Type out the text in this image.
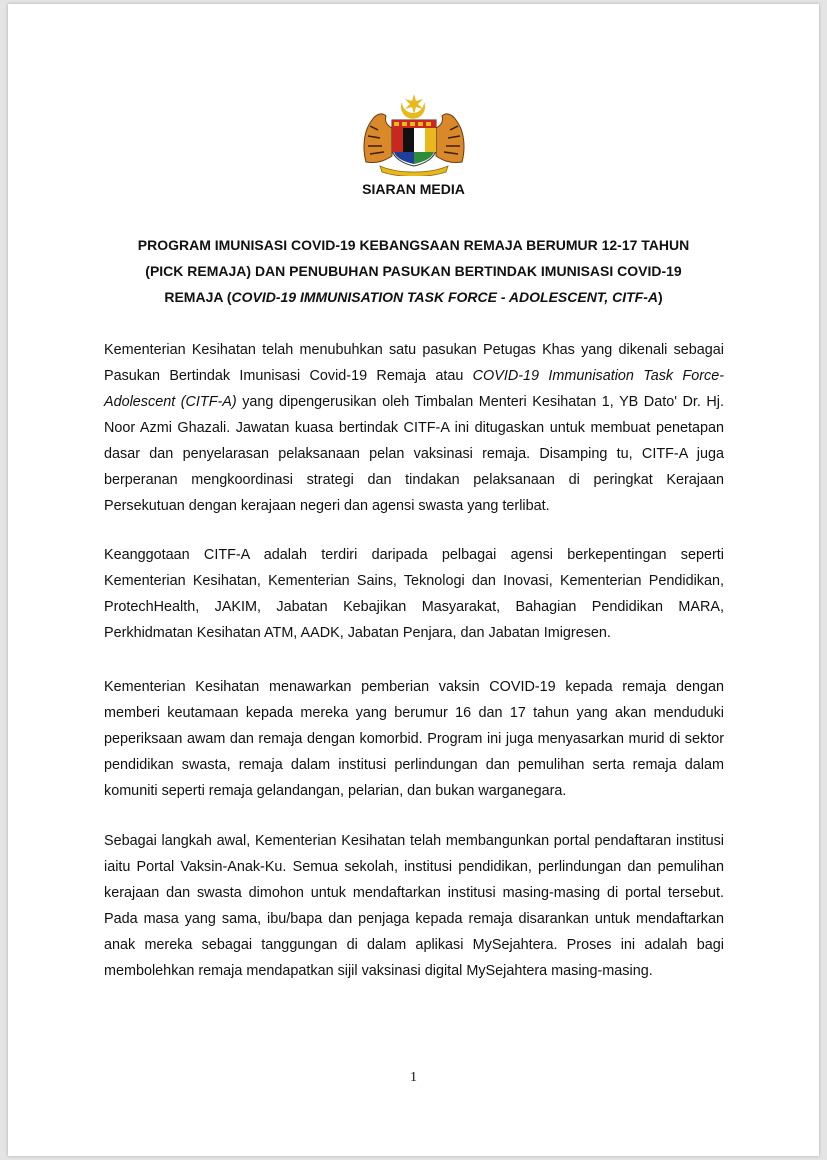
SIARAN MEDIA

PROGRAM IMUNISASI COVID-19 KEBANGSAAN REMAJA BERUMUR 12-17 TAHUN
(PICK REMAJA) DAN PENUBUHAN PASUKAN BERTINDAK IMUNISASI COVID-19
REMAJA (COVID-19 IMMUNISATION TASK FORCE - ADOLESCENT, CITF-A)

Kementerian Kesihatan telah menubuhkan satu pasukan Petugas Khas yang dikenali sebagai Pasukan Bertindak Imunisasi Covid-19 Remaja atau COVID-19 Immunisation Task Force-Adolescent (CITF-A) yang dipengerusikan oleh Timbalan Menteri Kesihatan 1, YB Dato' Dr. Hj. Noor Azmi Ghazali. Jawatan kuasa bertindak CITF-A ini ditugaskan untuk membuat penetapan dasar dan penyelarasan pelaksanaan pelan vaksinasi remaja. Disamping tu, CITF-A juga berperanan mengkoordinasi strategi dan tindakan pelaksanaan di peringkat Kerajaan Persekutuan dengan kerajaan negeri dan agensi swasta yang terlibat.

Keanggotaan CITF-A adalah terdiri daripada pelbagai agensi berkepentingan seperti Kementerian Kesihatan, Kementerian Sains, Teknologi dan Inovasi, Kementerian Pendidikan, ProtechHealth, JAKIM, Jabatan Kebajikan Masyarakat, Bahagian Pendidikan MARA, Perkhidmatan Kesihatan ATM, AADK, Jabatan Penjara, dan Jabatan Imigresen.

Kementerian Kesihatan menawarkan pemberian vaksin COVID-19 kepada remaja dengan memberi keutamaan kepada mereka yang berumur 16 dan 17 tahun yang akan menduduki peperiksaan awam dan remaja dengan komorbid. Program ini juga menyasarkan murid di sektor pendidikan swasta, remaja dalam institusi perlindungan dan pemulihan serta remaja dalam komuniti seperti remaja gelandangan, pelarian, dan bukan warganegara.

Sebagai langkah awal, Kementerian Kesihatan telah membangunkan portal pendaftaran institusi iaitu Portal Vaksin-Anak-Ku. Semua sekolah, institusi pendidikan, perlindungan dan pemulihan kerajaan dan swasta dimohon untuk mendaftarkan institusi masing-masing di portal tersebut. Pada masa yang sama, ibu/bapa dan penjaga kepada remaja disarankan untuk mendaftarkan anak mereka sebagai tanggungan di dalam aplikasi MySejahtera. Proses ini adalah bagi membolehkan remaja mendapatkan sijil vaksinasi digital MySejahtera masing-masing.

1
